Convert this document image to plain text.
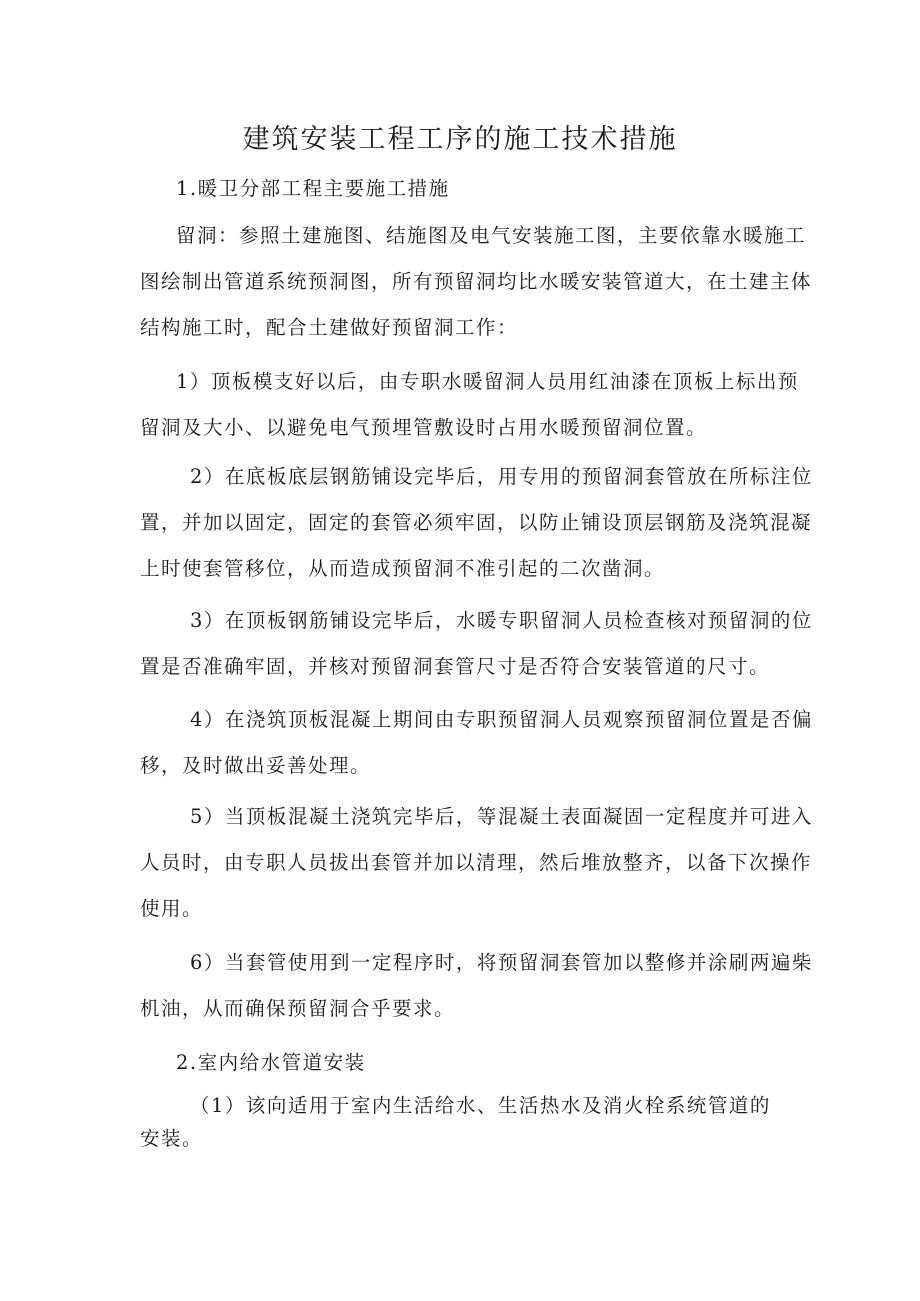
建筑安装工程工序的施工技术措施

1.暖卫分部工程主要施工措施

留洞：参照土建施图、结施图及电气安装施工图，主要依靠水暖施工
图绘制出管道系统预洞图，所有预留洞均比水暖安装管道大，在土建主体
结构施工时，配合土建做好预留洞工作：

1）顶板模支好以后，由专职水暖留洞人员用红油漆在顶板上标出预
留洞及大小、以避免电气预埋管敷设时占用水暖预留洞位置。

2）在底板底层钢筋铺设完毕后，用专用的预留洞套管放在所标注位
置，并加以固定，固定的套管必须牢固，以防止铺设顶层钢筋及浇筑混凝
上时使套管移位，从而造成预留洞不准引起的二次凿洞。

3）在顶板钢筋铺设完毕后，水暖专职留洞人员检查核对预留洞的位
置是否准确牢固，并核对预留洞套管尺寸是否符合安装管道的尺寸。

4）在浇筑顶板混凝上期间由专职预留洞人员观察预留洞位置是否偏
移，及时做出妥善处理。

5）当顶板混凝土浇筑完毕后，等混凝土表面凝固一定程度并可进入
人员时，由专职人员拔出套管并加以清理，然后堆放整齐，以备下次操作
使用。

6）当套管使用到一定程序时，将预留洞套管加以整修并涂刷两遍柴
机油，从而确保预留洞合乎要求。

2.室内给水管道安装

（1）该向适用于室内生活给水、生活热水及消火栓系统管道的
安装。
